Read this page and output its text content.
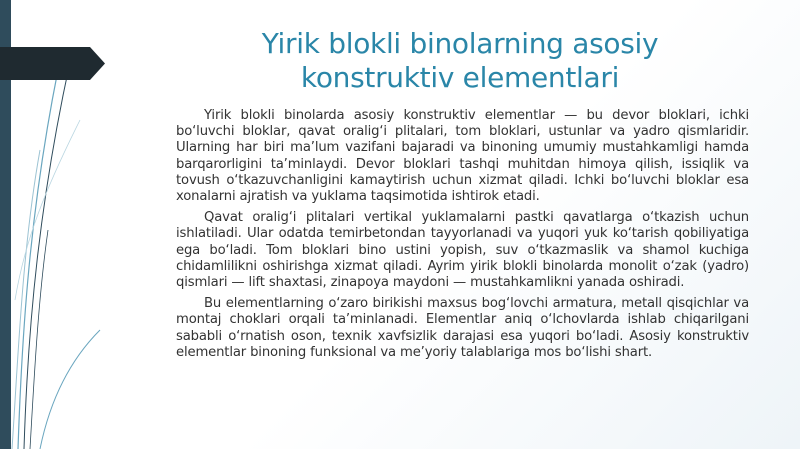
Yirik blokli binolarning asosiy
konstruktiv elementlari

Yirik blokli binolarda asosiy konstruktiv elementlar — bu devor bloklari, ichki bo‘luvchi bloklar, qavat oralig‘i plitalari, tom bloklari, ustunlar va yadro qismlaridir. Ularning har biri ma’lum vazifani bajaradi va binoning umumiy mustahkamligi hamda barqarorligini ta’minlaydi. Devor bloklari tashqi muhitdan himoya qilish, issiqlik va tovush o‘tkazuvchanligini kamaytirish uchun xizmat qiladi. Ichki bo‘luvchi bloklar esa xonalarni ajratish va yuklama taqsimotida ishtirok etadi.

Qavat oralig‘i plitalari vertikal yuklamalarni pastki qavatlarga o‘tkazish uchun ishlatiladi. Ular odatda temirbetondan tayyorlanadi va yuqori yuk ko‘tarish qobiliyatiga ega bo‘ladi. Tom bloklari bino ustini yopish, suv o‘tkazmaslik va shamol kuchiga chidamlilikni oshirishga xizmat qiladi. Ayrim yirik blokli binolarda monolit o‘zak (yadro) qismlari — lift shaxtasi, zinapoya maydoni — mustahkamlikni yanada oshiradi.

Bu elementlarning o‘zaro birikishi maxsus bog‘lovchi armatura, metall qisqichlar va montaj choklari orqali ta’minlanadi. Elementlar aniq o‘lchovlarda ishlab chiqarilgani sababli o‘rnatish oson, texnik xavfsizlik darajasi esa yuqori bo‘ladi. Asosiy konstruktiv elementlar binoning funksional va me’yoriy talablariga mos bo‘lishi shart.
